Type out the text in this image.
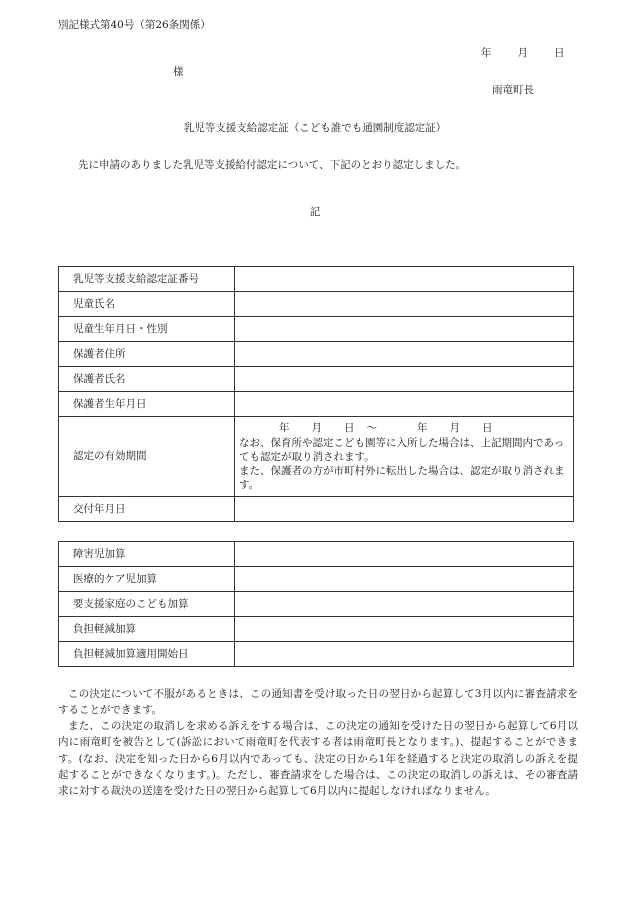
別記様式第40号（第26条関係）
年 月 日
様
雨竜町長
乳児等支援支給認定証（こども誰でも通園制度認定証）
先に申請のありました乳児等支援給付認定について、下記のとおり認定しました。
記
乳児等支援支給認定証番号	
児童氏名	
児童生年月日・性別	
保護者住所	
保護者氏名	
保護者生年月日	
認定の有効期間	年 月 日 ～ 年 月 日
なお、保育所や認定こども園等に入所した場合は、上記期間内であっても認定が取り消されます。
また、保護者の方が市町村外に転出した場合は、認定が取り消されます。

交付年月日	
障害児加算	
医療的ケア児加算	
要支援家庭のこども加算	
負担軽減加算	
負担軽減加算適用開始日	
この決定について不服があるときは、この通知書を受け取った日の翌日から起算して3月以内に審査請求をすることができます。
また、この決定の取消しを求める訴えをする場合は、この決定の通知を受けた日の翌日から起算して6月以内に雨竜町を被告として(訴訟において雨竜町を代表する者は雨竜町長となります。)、提起することができます。(なお、決定を知った日から6月以内であっても、決定の日から1年を経過すると決定の取消しの訴えを提起することができなくなります。)。ただし、審査請求をした場合は、この決定の取消しの訴えは、その審査請求に対する裁決の送達を受けた日の翌日から起算して6月以内に提起しなければなりません。
